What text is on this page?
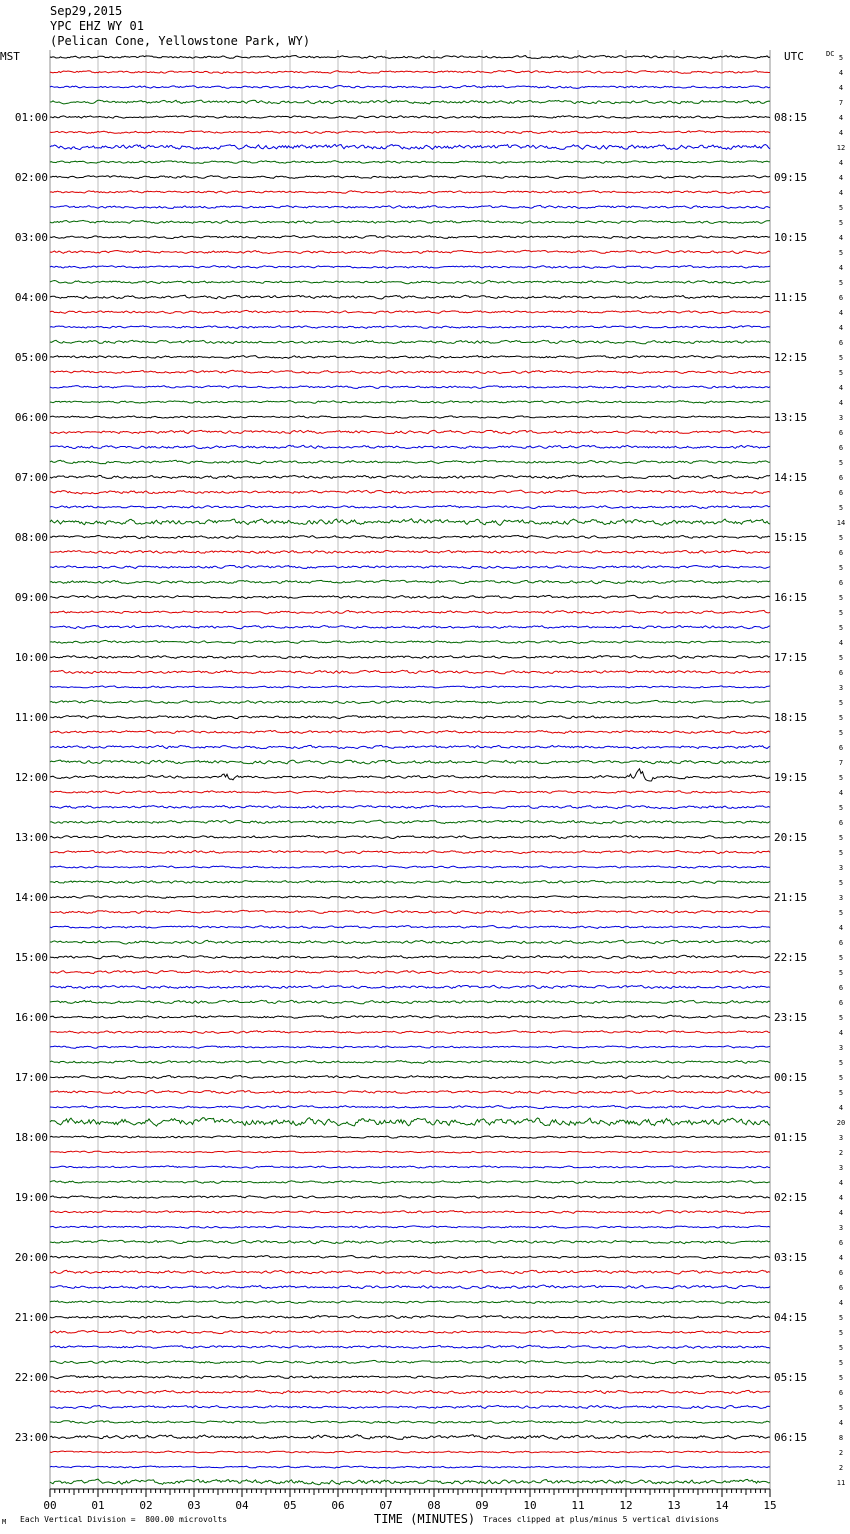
Sep29,2015
YPC EHZ WY 01
(Pelican Cone, Yellowstone Park, WY)
00	01	02	03	04	05	06	07	08	09	10	11	12	13	14	15
5
4
4
7
4
4
12
4
4
4
5
5
4
5
4
5
6
4
4
6
5
5
4
4
3
6
6
5
6
6
5
14
5
6
5
6
5
5
5
4
5
6
3
5
5
5
6
7
5
4
5
6
5
5
3
5
3
5
4
6
5
5
6
6
5
4
3
5
5
5
4
20
3
2
3
4
4
4
3
6
4
6
6
4
5
5
5
5
5
6
5
4
8
2
2
11
01:00	08:15
02:00	09:15
03:00	10:15
04:00	11:15
05:00	12:15
06:00	13:15
07:00	14:15
08:00	15:15
09:00	16:15
10:00	17:15
11:00	18:15
12:00	19:15
13:00	20:15
14:00	21:15
15:00	22:15
16:00	23:15
17:00	00:15
18:00	01:15
19:00	02:15
20:00	03:15
21:00	04:15
22:00	05:15
23:00	06:15
MST	UTC	DC
Each Vertical Division =  800.00 microvolts	TIME (MINUTES) Traces clipped at plus/minus 5 vertical divisions
M
